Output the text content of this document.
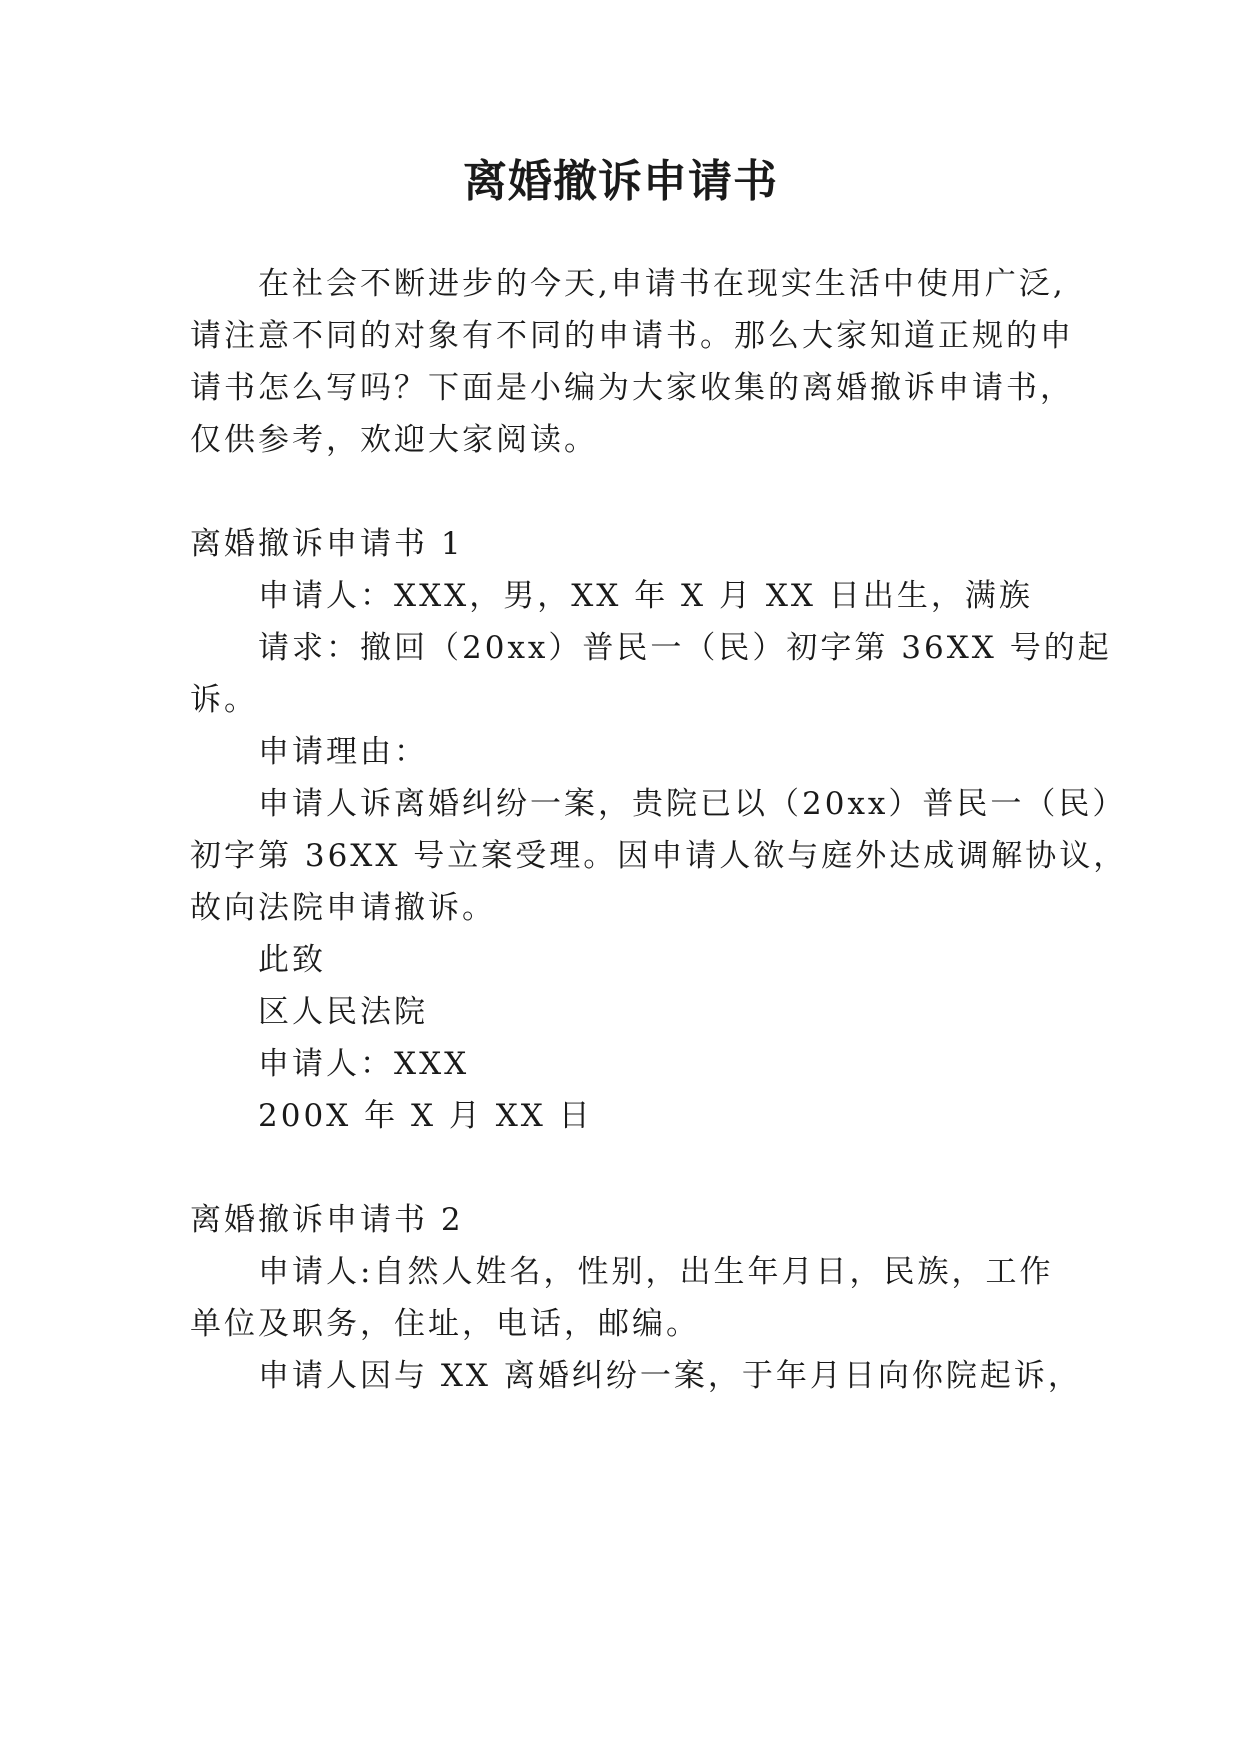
离婚撤诉申请书

在社会不断进步的今天,申请书在现实生活中使用广泛,

请注意不同的对象有不同的申请书。那么大家知道正规的申

请书怎么写吗？下面是小编为大家收集的离婚撤诉申请书，

仅供参考，欢迎大家阅读。

离婚撤诉申请书 1

申请人：XXX，男，XX 年 X 月 XX 日出生，满族

请求：撤回（20xx）普民一（民）初字第 36XX 号的起

诉。

申请理由：

申请人诉离婚纠纷一案，贵院已以（20xx）普民一（民）

初字第 36XX 号立案受理。因申请人欲与庭外达成调解协议，

故向法院申请撤诉。

此致

区人民法院

申请人：XXX

200X 年 X 月 XX 日

离婚撤诉申请书 2

申请人:自然人姓名，性别，出生年月日，民族，工作

单位及职务，住址，电话，邮编。

申请人因与 XX 离婚纠纷一案，于年月日向你院起诉，
